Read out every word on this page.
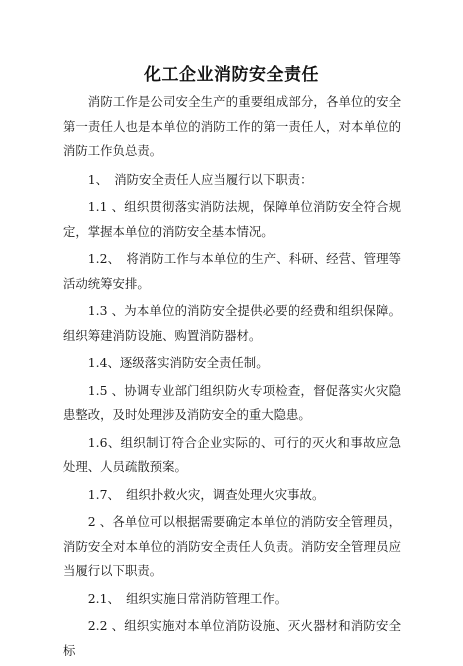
化工企业消防安全责任

消防工作是公司安全生产的重要组成部分，各单位的安全第一责任人也是本单位的消防工作的第一责任人，对本单位的消防工作负总责。

1、　消防安全责任人应当履行以下职责：

1.1 、组织贯彻落实消防法规，保障单位消防安全符合规定，掌握本单位的消防安全基本情况。

1.2、　将消防工作与本单位的生产、科研、经营、管理等活动统筹安排。

1.3 、为本单位的消防安全提供必要的经费和组织保障。组织筹建消防设施、购置消防器材。

1.4、逐级落实消防安全责任制。

1.5 、协调专业部门组织防火专项检查，督促落实火灾隐患整改，及时处理涉及消防安全的重大隐患。

1.6、组织制订符合企业实际的、可行的灭火和事故应急处理、人员疏散预案。

1.7、　组织扑救火灾，调查处理火灾事故。

2 、各单位可以根据需要确定本单位的消防安全管理员，消防安全对本单位的消防安全责任人负责。消防安全管理员应当履行以下职责。

2.1、　组织实施日常消防管理工作。

2.2 、组织实施对本单位消防设施、灭火器材和消防安全标
